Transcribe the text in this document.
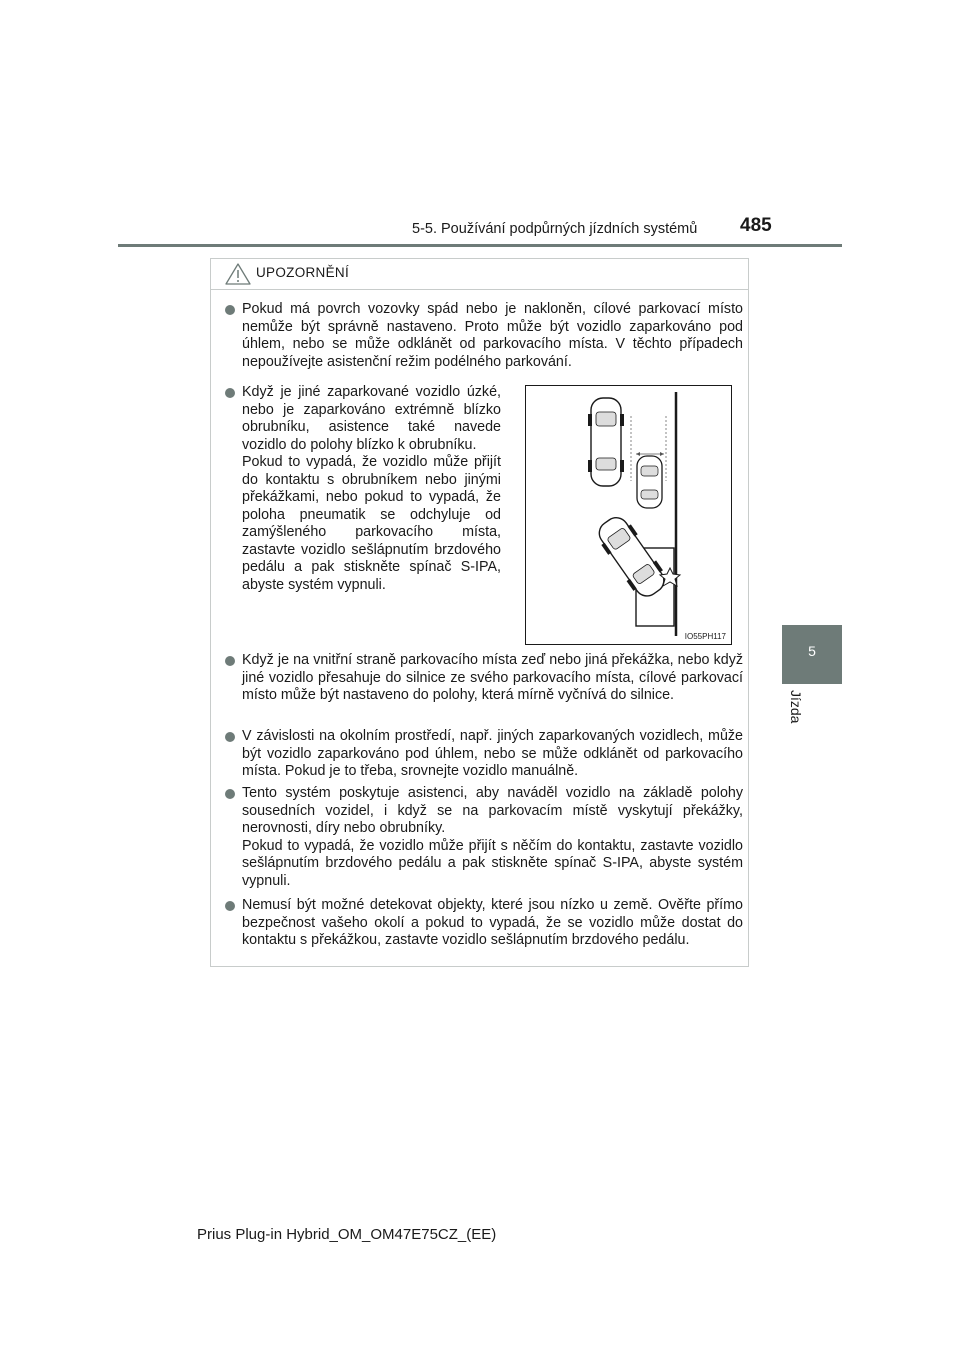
5-5. Používání podpůrných jízdních systémů 485
5
Jízda
UPOZORNĚNÍ
Pokud má povrch vozovky spád nebo je nakloněn, cílové parkovací místo nemůže být správně nastaveno. Proto může být vozidlo zaparkováno pod úhlem, nebo se může odklánět od parkovacího místa. V těchto případech nepoužívejte asistenční režim podélného parkování.
Když je jiné zaparkované vozidlo úzké, nebo je zaparkováno extrémně blízko obrubníku, asistence také navede vozidlo do polohy blízko k obrubníku.
Pokud to vypadá, že vozidlo může přijít do kontaktu s obrubníkem nebo jinými překážkami, nebo pokud to vypadá, že poloha pneumatik se odchyluje od zamýšleného parkovacího místa, zastavte vozidlo sešlápnutím brzdového pedálu a pak stiskněte spínač S-IPA, abyste systém vypnuli.
IO55PH117
Když je na vnitřní straně parkovacího místa zeď nebo jiná překážka, nebo když jiné vozidlo přesahuje do silnice ze svého parkovacího místa, cílové parkovací místo může být nastaveno do polohy, která mírně vyčnívá do silnice.
V závislosti na okolním prostředí, např. jiných zaparkovaných vozidlech, může být vozidlo zaparkováno pod úhlem, nebo se může odklánět od parkovacího místa. Pokud je to třeba, srovnejte vozidlo manuálně.
Tento systém poskytuje asistenci, aby naváděl vozidlo na základě polohy sousedních vozidel, i když se na parkovacím místě vyskytují překážky, nerovnosti, díry nebo obrubníky.
Pokud to vypadá, že vozidlo může přijít s něčím do kontaktu, zastavte vozidlo sešlápnutím brzdového pedálu a pak stiskněte spínač S-IPA, abyste systém vypnuli.
Nemusí být možné detekovat objekty, které jsou nízko u země. Ověřte přímo bezpečnost vašeho okolí a pokud to vypadá, že se vozidlo může dostat do kontaktu s překážkou, zastavte vozidlo sešlápnutím brzdového pedálu.
Prius Plug-in Hybrid_OM_OM47E75CZ_(EE)
